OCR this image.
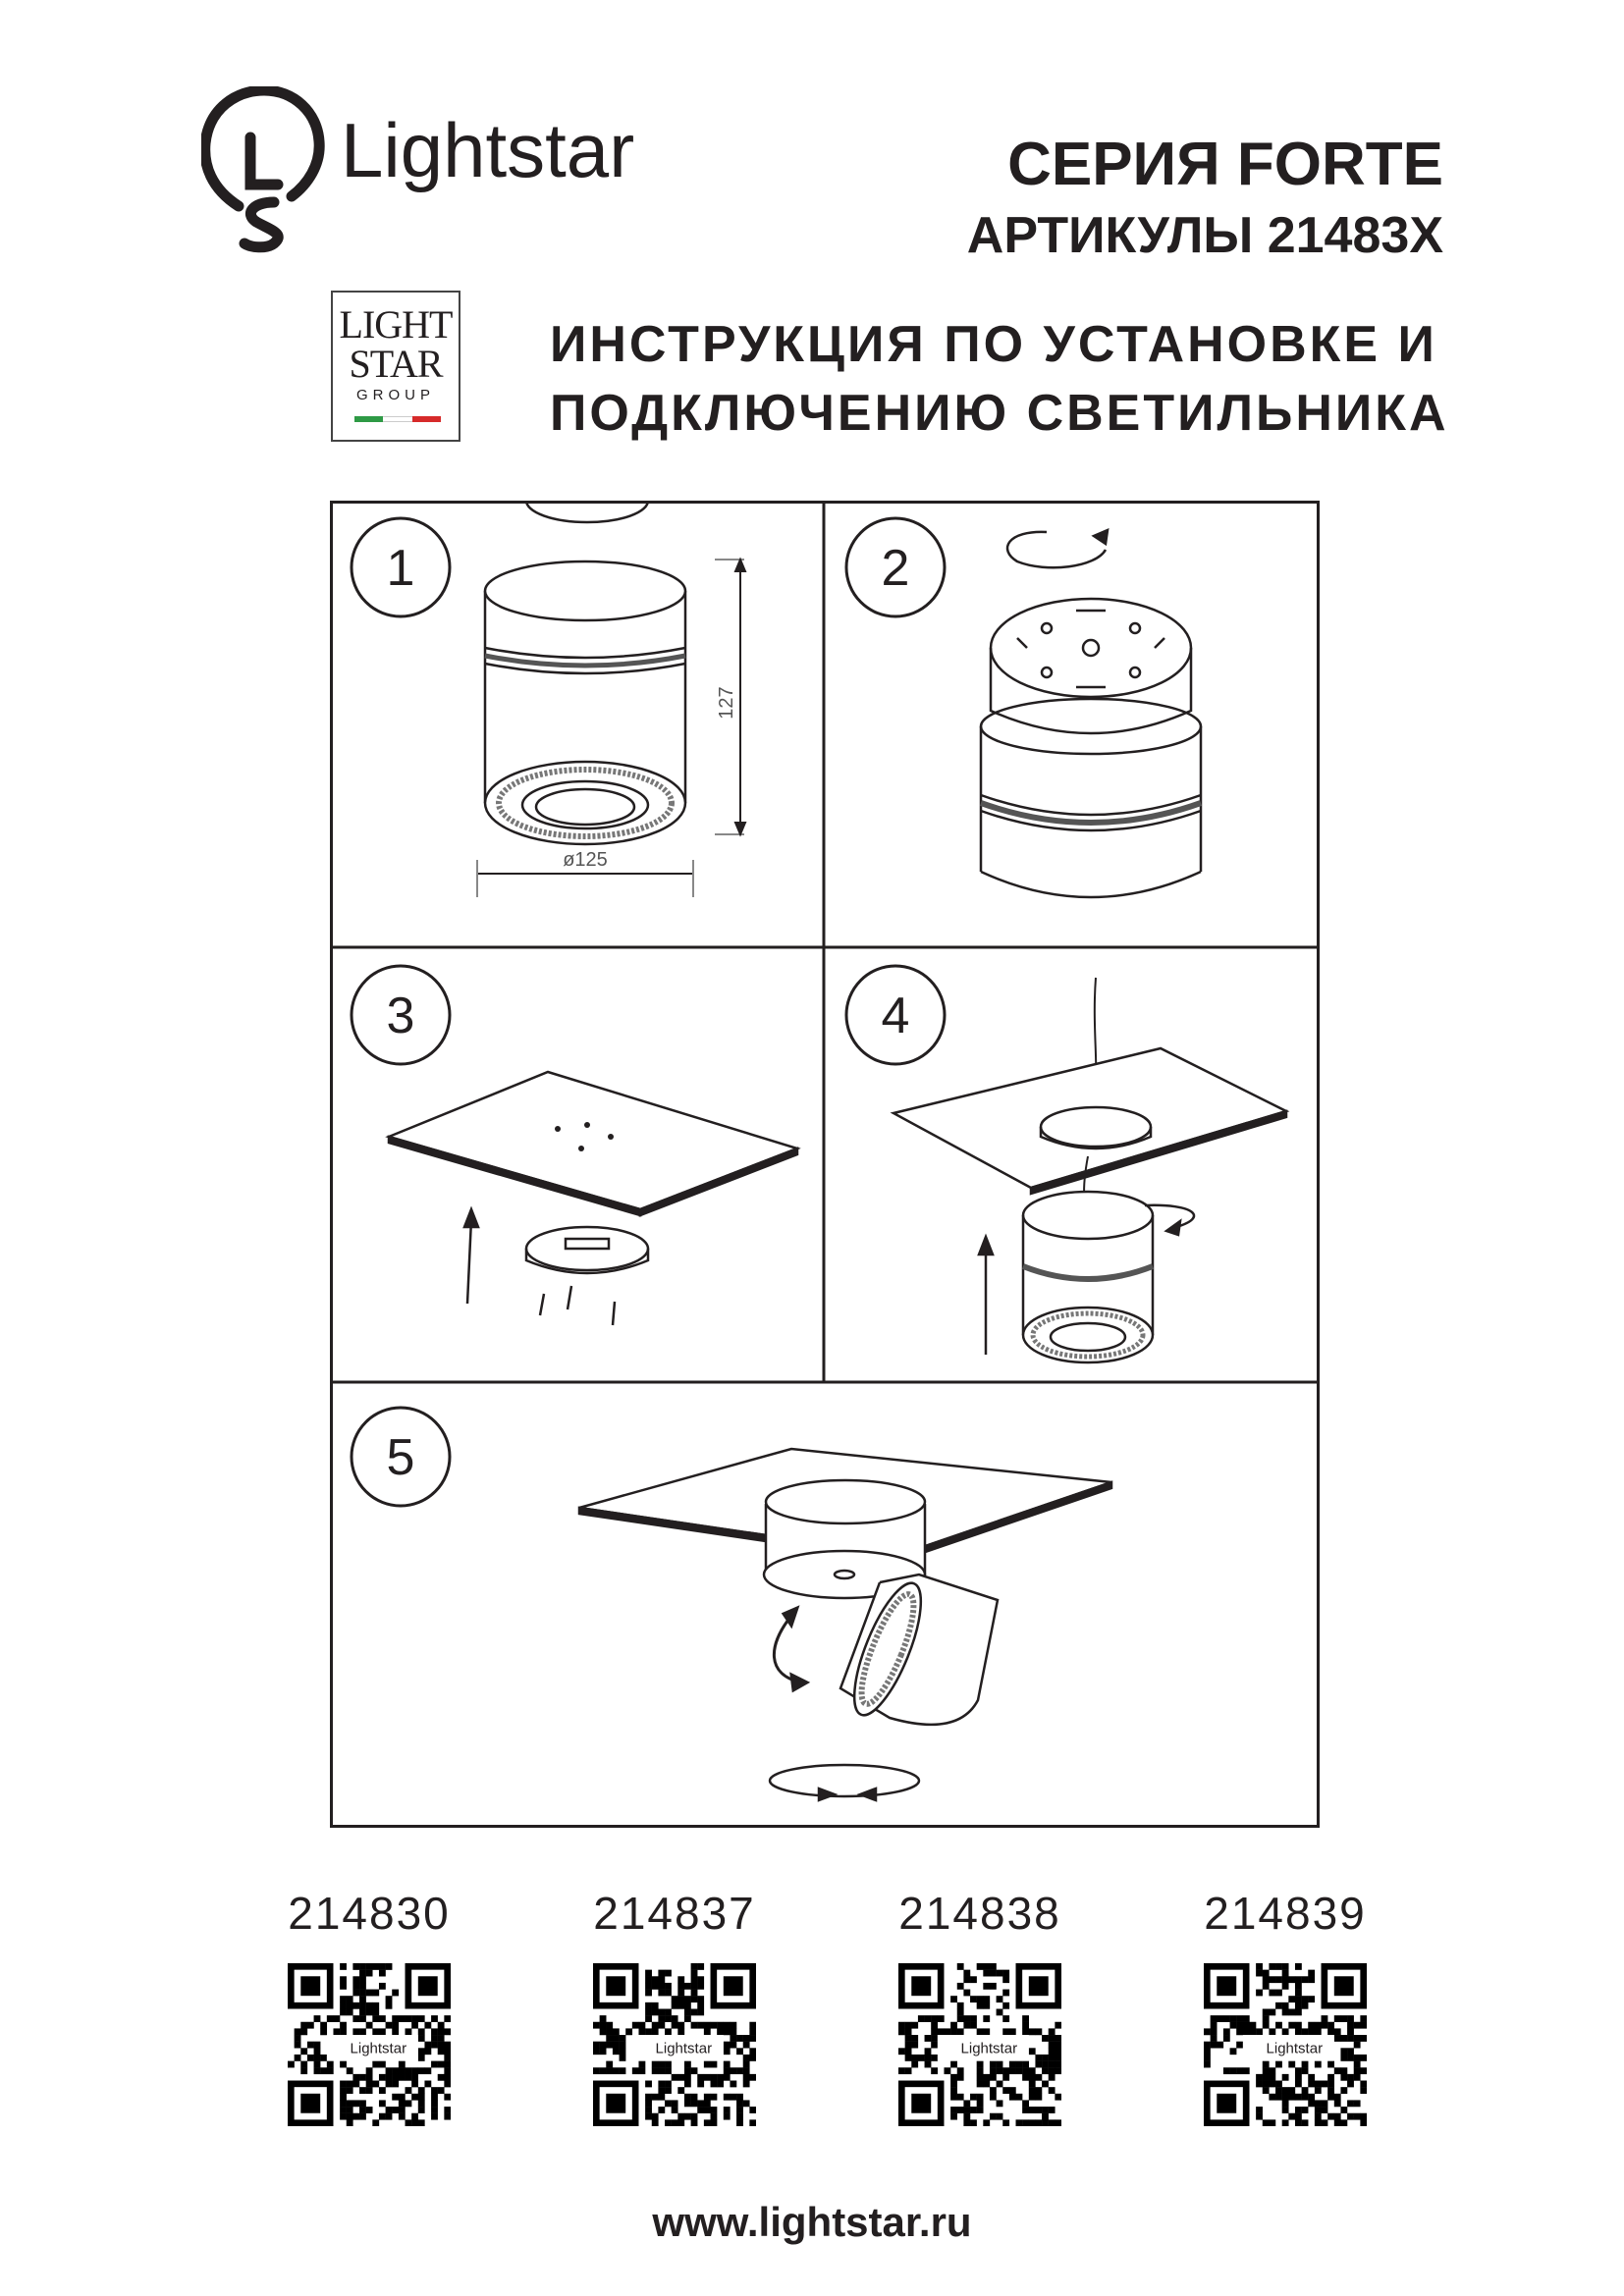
Lightstar	СЕРИЯ FORTE
АРТИКУЛЫ 21483X
LIGHT
STAR
GROUP
ИНСТРУКЦИЯ ПО УСТАНОВКЕ И
ПОДКЛЮЧЕНИЮ СВЕТИЛЬНИКА
1
127
ø125
2
3	4
5
214830	214837	214838	214839
Lightstar	Lightstar	Lightstar	Lightstar
www.lightstar.ru
